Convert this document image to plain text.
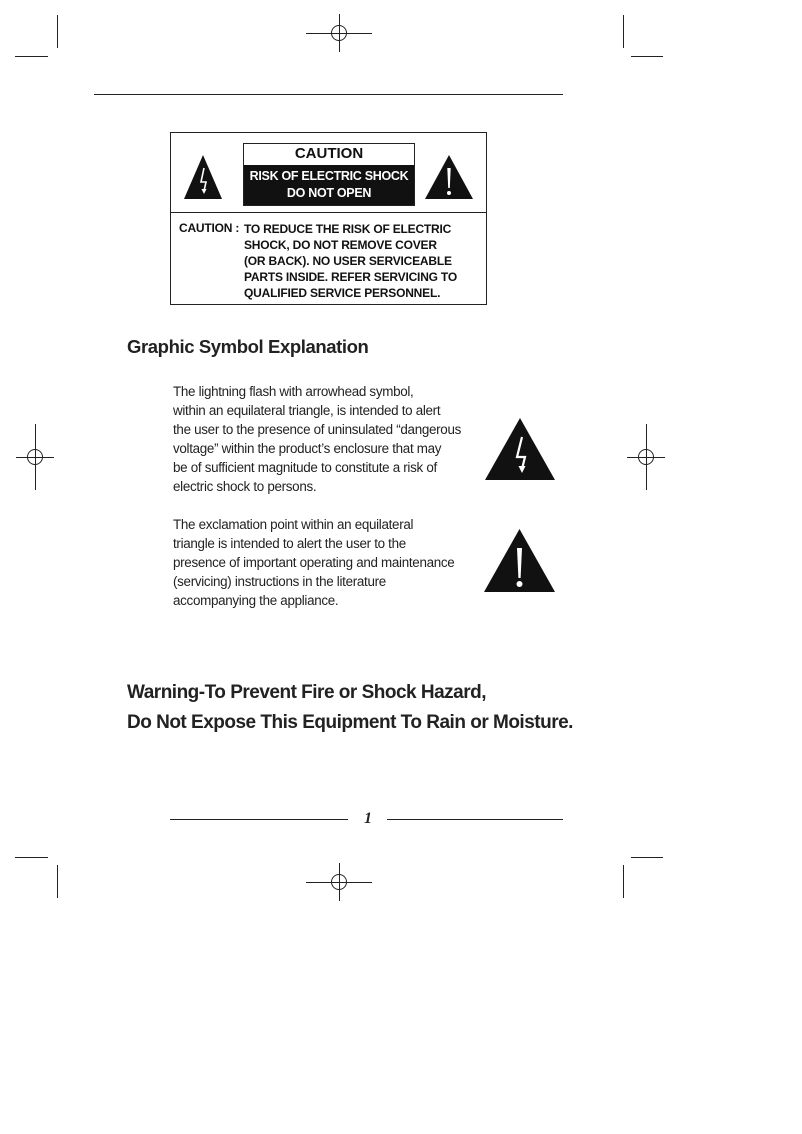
CAUTION
RISK OF ELECTRIC SHOCK
DO NOT OPEN
CAUTION : TO REDUCE THE RISK OF ELECTRIC
SHOCK, DO NOT REMOVE COVER
(OR BACK). NO USER SERVICEABLE
PARTS INSIDE. REFER SERVICING TO
QUALIFIED SERVICE PERSONNEL.
Graphic Symbol Explanation
The lightning flash with arrowhead symbol,
within an equilateral triangle, is intended to alert
the user to the presence of uninsulated “dangerous
voltage” within the product’s enclosure that may
be of sufficient magnitude to constitute a risk of
electric shock to persons.
The exclamation point within an equilateral
triangle is intended to alert the user to the
presence of important operating and maintenance
(servicing) instructions in the literature
accompanying the appliance.
Warning-To Prevent Fire or Shock Hazard,
Do Not Expose This Equipment To Rain or Moisture.
1
